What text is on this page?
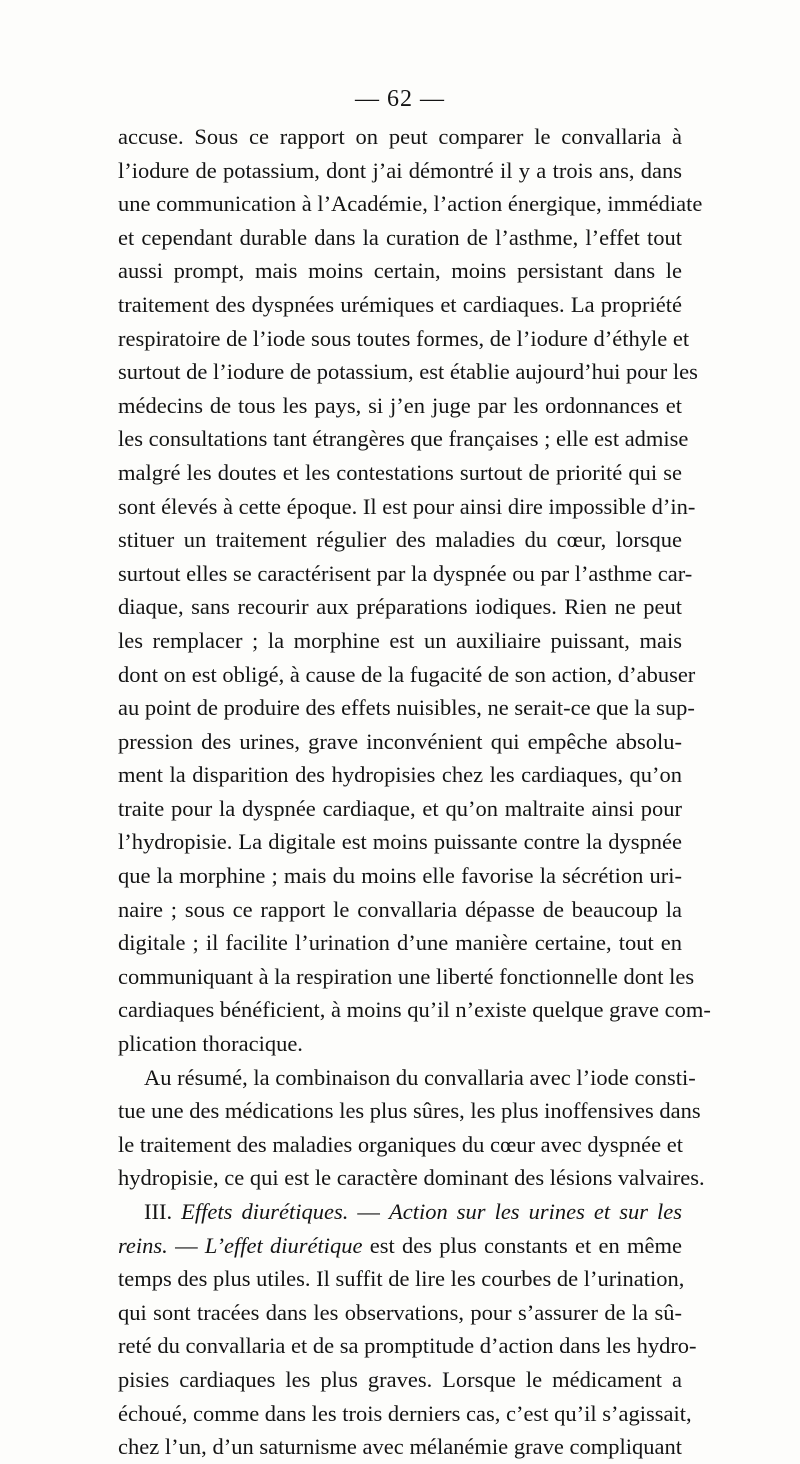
— 62 —
accuse. Sous ce rapport on peut comparer le convallaria à
l’iodure de potassium, dont j’ai démontré il y a trois ans, dans
une communication à l’Académie, l’action énergique, immédiate
et cependant durable dans la curation de l’asthme, l’effet tout
aussi prompt, mais moins certain, moins persistant dans le
traitement des dyspnées urémiques et cardiaques. La propriété
respiratoire de l’iode sous toutes formes, de l’iodure d’éthyle et
surtout de l’iodure de potassium, est établie aujourd’hui pour les
médecins de tous les pays, si j’en juge par les ordonnances et
les consultations tant étrangères que françaises ; elle est admise
malgré les doutes et les contestations surtout de priorité qui se
sont élevés à cette époque. Il est pour ainsi dire impossible d’in-
stituer un traitement régulier des maladies du cœur, lorsque
surtout elles se caractérisent par la dyspnée ou par l’asthme car-
diaque, sans recourir aux préparations iodiques. Rien ne peut
les remplacer ; la morphine est un auxiliaire puissant, mais
dont on est obligé, à cause de la fugacité de son action, d’abuser
au point de produire des effets nuisibles, ne serait-ce que la sup-
pression des urines, grave inconvénient qui empêche absolu-
ment la disparition des hydropisies chez les cardiaques, qu’on
traite pour la dyspnée cardiaque, et qu’on maltraite ainsi pour
l’hydropisie. La digitale est moins puissante contre la dyspnée
que la morphine ; mais du moins elle favorise la sécrétion uri-
naire ; sous ce rapport le convallaria dépasse de beaucoup la
digitale ; il facilite l’urination d’une manière certaine, tout en
communiquant à la respiration une liberté fonctionnelle dont les
cardiaques bénéficient, à moins qu’il n’existe quelque grave com-
plication thoracique.
Au résumé, la combinaison du convallaria avec l’iode consti-
tue une des médications les plus sûres, les plus inoffensives dans
le traitement des maladies organiques du cœur avec dyspnée et
hydropisie, ce qui est le caractère dominant des lésions valvaires.
III. Effets diurétiques. — Action sur les urines et sur les
reins. — L’effet diurétique est des plus constants et en même
temps des plus utiles. Il suffit de lire les courbes de l’urination,
qui sont tracées dans les observations, pour s’assurer de la sû-
reté du convallaria et de sa promptitude d’action dans les hydro-
pisies cardiaques les plus graves. Lorsque le médicament a
échoué, comme dans les trois derniers cas, c’est qu’il s’agissait,
chez l’un, d’un saturnisme avec mélanémie grave compliquant
